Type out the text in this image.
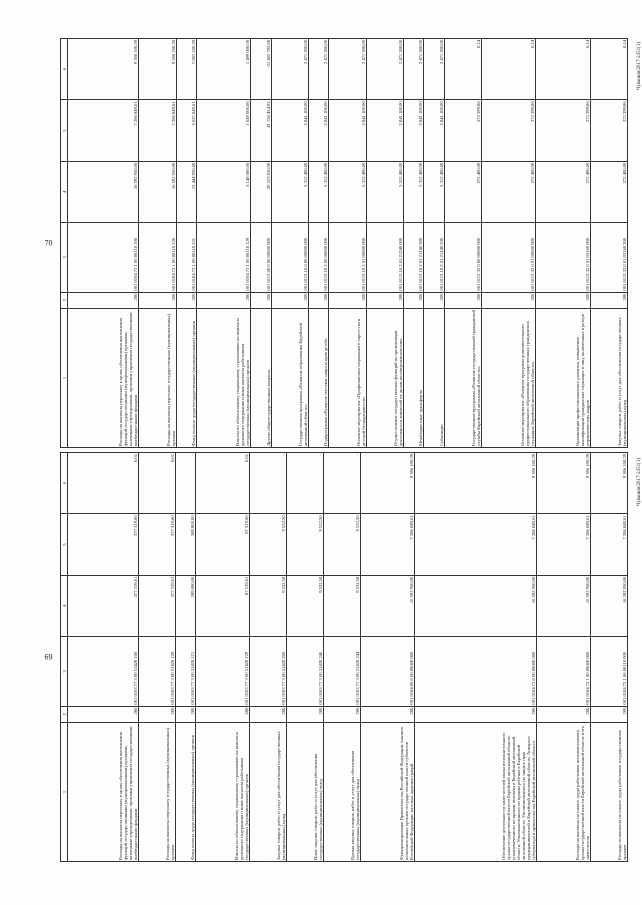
69
1	2	3	4	5	6
Расходы на выплаты персоналу в целях обеспечения выполнения функций государственными (муниципальными) органами, казенными учреждениями, органами управления государственными внебюджетными фондами	200	001 0103 77 3 00 51420 100	377 319,61	377 319,60	0,01
Расходы на выплаты персоналу государственных (муниципальных) органов	200	001 0103 77 3 00 51420 120	377 319,61	377 319,60	0,01
Фонд оплаты труда государственных (муниципальных) органов	200	001 0103 77 3 00 51420 121	289 800,00	289 800,00	-
Взносы по обязательному социальному страхованию на выплаты денежного содержания и иные выплаты работникам государственных (муниципальных) органов	200	001 0103 77 3 00 51420 129	87 519,61	87 519,60	0,01
Закупка товаров, работ и услуг для обеспечения государственных (муниципальных) нужд	200	001 0103 77 3 00 51420 200	9 532,50	9 532,50	-
Иные закупки товаров, работ и услуг для обеспечения государственных (муниципальных) нужд	200	001 0103 77 3 00 51420 240	9 532,50	9 532,50	-
Прочая закупка товаров, работ и услуг для обеспечения государственных (муниципальных) нужд	200	001 0103 77 3 00 51420 244	9 532,50	9 532,50	-
Функционирование Правительства Российской Федерации, высших исполнительных органов государственной власти субъектов Российской Федерации, местных администраций	200	001 0104 00 0 00 00000 000	16 592 950,00	7 286 849,61	9 306 100,39
Обеспечение деятельности заместителей главы исполнительного органа государственной власти Еврейской автономной области, уполномоченного по правам человека в Еврейской автономной области, Уполномоченного по правам ребенка в Еврейской автономной области, Уполномоченного по защите прав предпринимателей в Еврейской автономной области, Аппарата губернатора и правительства Еврейской автономной области	200	001 0104 72 0 00 00000 000	16 592 950,00	7 286 849,61	9 306 100,39
Расходы на выплаты по оплате труда работников исполнительного органа государственной власти Еврейской автономной области и его заместителя	200	001 0104 72 1 00 00000 000	16 592 950,00	7 286 849,61	9 306 100,39
Расходы на выплаты по оплате труда работников государственных органов	200	001 0104 72 1 00 00110 000	16 592 950,00	7 286 849,61	9 306 100,39 Чувашия/2017-2351(1)
70
1	2	3	4	5	6
Расходы на выплаты персоналу в целях обеспечения выполнения функций государственными (муниципальными) органами, казенными учреждениями, органами управления государственными внебюджетными фондами	200	001 0104 72 1 00 00110 100	16 592 950,00	7 286 849,61	9 306 100,39
Расходы на выплаты персоналу государственных (муниципальных) органов	200	001 0104 72 1 00 00110 120	16 592 950,00	7 286 849,61	9 306 100,39
Фонд оплаты труда государственных (муниципальных) органов	200	001 0104 72 1 00 00110 121	13 444 950,00	5 637 849,61	7 807 100,39
Взносы по обязательному социальному страхованию на выплаты денежного содержания и иные выплаты работникам государственных (муниципальных) органов	200	001 0104 72 1 00 00110 129	3 148 000,00	1 649 000,00	1 499 000,00
Другие общегосударственные вопросы	200	001 0113 00 0 00 00000 000	20 223 836,00	41 758 454,92	-21 465 795,68
Государственная программа «Развитие образования Еврейской автономной области»	200	001 0113 10 0 00 00000 000	5 312 400,00	2 841 100,00	2 471 300,00
Подпрограмма «Развитие системы защиты прав детей»	200	001 0113 10 2 00 00000 000	5 312 400,00	2 841 100,00	2 471 300,00
Основное мероприятие «Профилактика социального сиротства и детской безнадзорности»	200	001 0113 10 2 01 00000 000	5 312 400,00	2 841 100,00	2 471 300,00
Осуществление государственных функций по организации деятельности комиссий по делам несовершеннолетних	200	001 0113 10 2 01 21240 000	5 312 400,00	2 841 100,00	2 471 300,00
Межбюджетные трансферты	200	001 0113 10 2 01 21240 500	5 312 400,00	2 841 100,00	2 471 300,00
Субвенции	200	001 0113 10 2 01 21240 530	5 312 400,00	2 841 100,00	2 471 300,00
Государственная программа «Развитие государственной гражданской службы Еврейской автономной области»	200	001 0113 32 0 00 00000 000	272 400,00	272 399,86	0,14
Основное мероприятие «Развитие программ дополнительного профессионального образования государственных гражданских служащих Еврейской автономной области»	200	001 0113 32 0 01 00000 000	272 400,00	272 399,86	0,14
Организация профессионального развития, повышения квалификации гражданских служащих и лиц, включенных в резерв управленческих кадров	200	001 0113 32 0 01 03160 000	272 400,00	272 399,86	0,14
Закупка товаров, работ и услуг для обеспечения государственных (муниципальных) нужд	200	001 0113 32 0 01 03160 200	272 400,00	272 399,86	0,14 Чувашия/2017-2351(1)
· · ·
